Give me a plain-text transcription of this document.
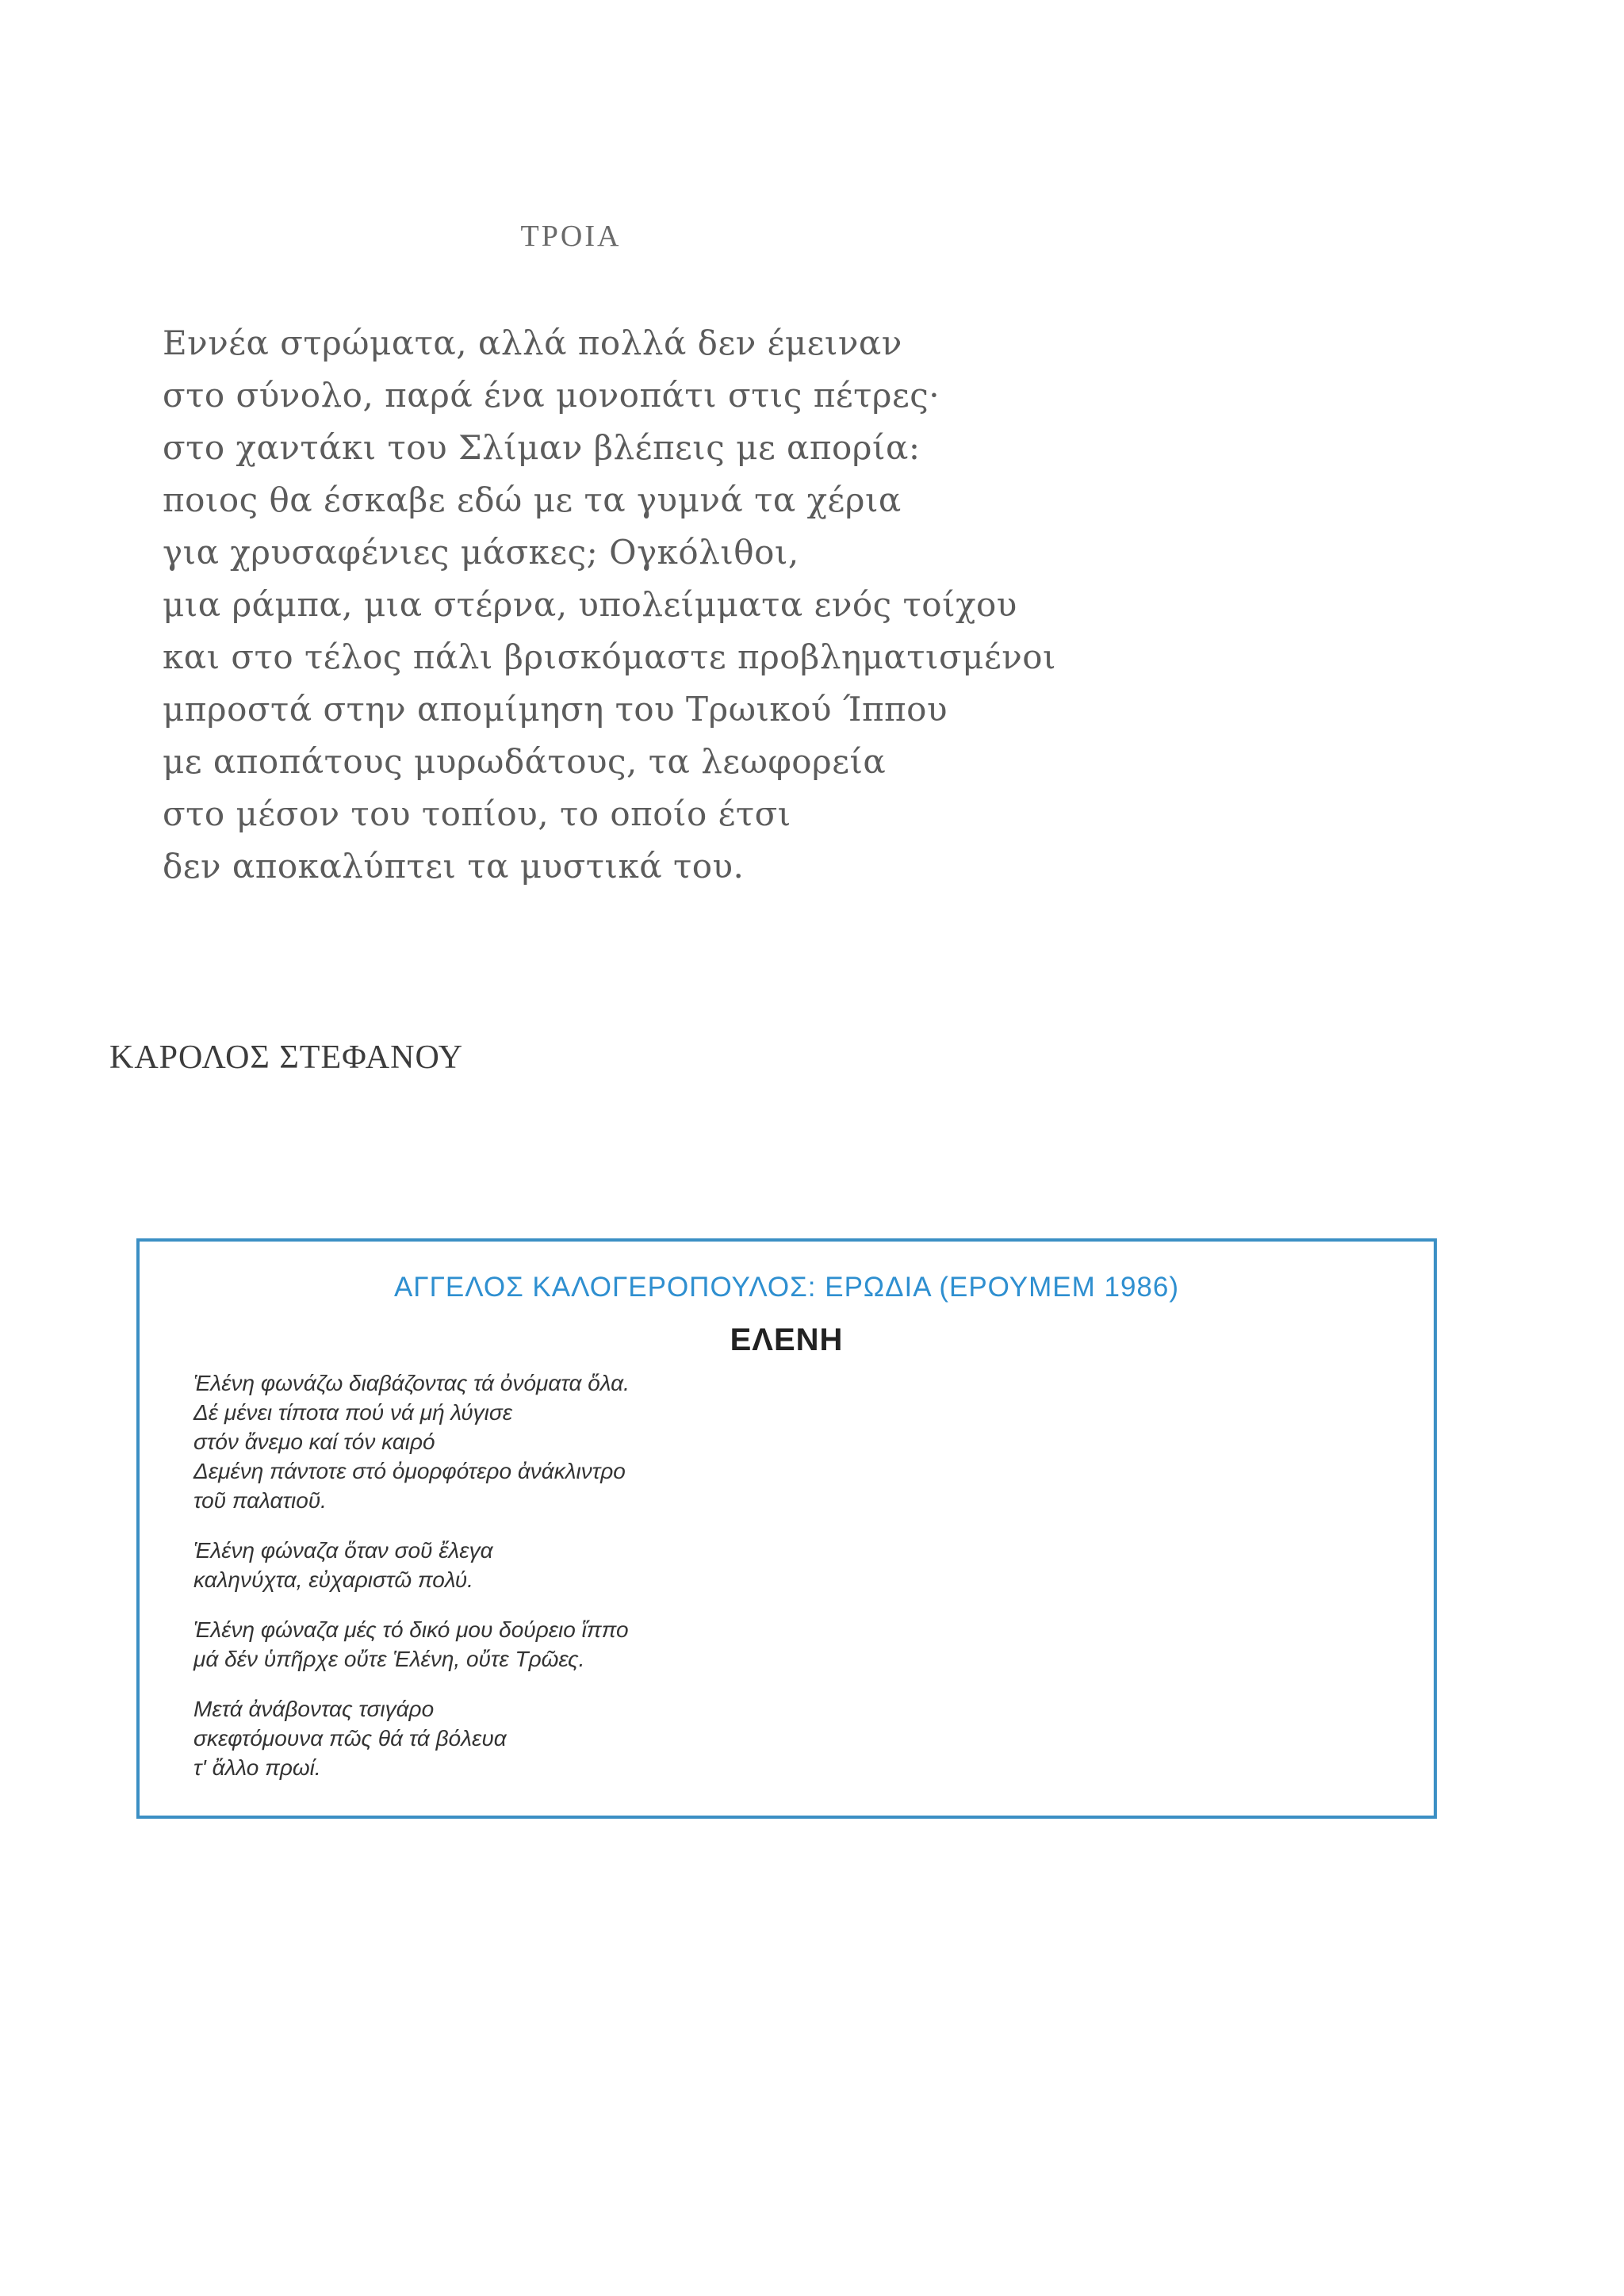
ΤΡΟΙΑ
Εννέα στρώματα, αλλά πολλά δεν έμειναν
στο σύνολο, παρά ένα μονοπάτι στις πέτρες·
στο χαντάκι του Σλίμαν βλέπεις με απορία:
ποιος θα έσκαβε εδώ με τα γυμνά τα χέρια
για χρυσαφένιες μάσκες; Ογκόλιθοι,
μια ράμπα, μια στέρνα, υπολείμματα ενός τοίχου
και στο τέλος πάλι βρισκόμαστε προβληματισμένοι
μπροστά στην απομίμηση του Τρωικού Ίππου
με αποπάτους μυρωδάτους, τα λεωφορεία
στο μέσον του τοπίου, το οποίο έτσι
δεν αποκαλύπτει τα μυστικά του.
ΚΑΡΟΛΟΣ ΣΤΕΦΑΝΟΥ
ΑΓΓΕΛΟΣ ΚΑΛΟΓΕΡΟΠΟΥΛΟΣ: ΕΡΩΔΙΑ (ΕΡΟΥΜΕΜ 1986)
ΕΛΕΝΗ
Ἑλένη φωνάζω διαβάζοντας τά ὀνόματα ὅλα.
Δέ μένει τίποτα πού νά μή λύγισε
στόν ἄνεμο καί τόν καιρό
Δεμένη πάντοτε στό ὀμορφότερο ἀνάκλιντρο
τοῦ παλατιοῦ.
Ἑλένη φώναζα ὅταν σοῦ ἔλεγα
καληνύχτα, εὐχαριστῶ πολύ.
Ἑλένη φώναζα μές τό δικό μου δούρειο ἵππο
μά δέν ὑπῆρχε οὔτε Ἑλένη, οὔτε Τρῶες.
Μετά ἀνάβοντας τσιγάρο
σκεφτόμουνα πῶς θά τά βόλευα
τ' ἄλλο πρωί.
